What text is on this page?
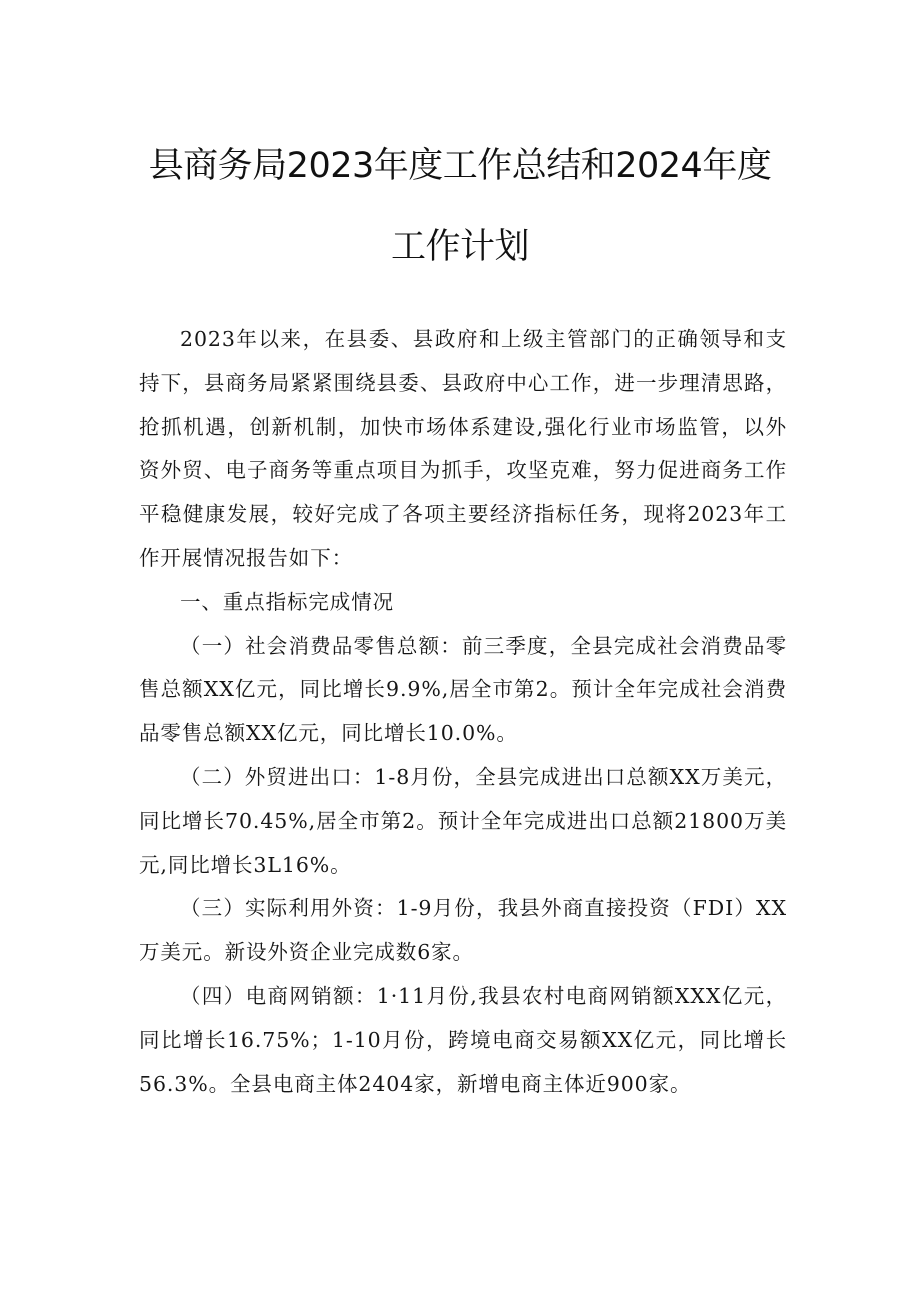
县商务局2023年度工作总结和2024年度
工作计划

2023年以来，在县委、县政府和上级主管部门的正确领导和支持下，县商务局紧紧围绕县委、县政府中心工作，进一步理清思路，抢抓机遇，创新机制，加快市场体系建设,强化行业市场监管，以外资外贸、电子商务等重点项目为抓手，攻坚克难，努力促进商务工作平稳健康发展，较好完成了各项主要经济指标任务，现将2023年工作开展情况报告如下：

一、重点指标完成情况

（一）社会消费品零售总额：前三季度，全县完成社会消费品零售总额XX亿元，同比增长9.9%,居全市第2。预计全年完成社会消费品零售总额XX亿元，同比增长10.0%。

（二）外贸进出口：1-8月份，全县完成进出口总额XX万美元，同比增长70.45%,居全市第2。预计全年完成进出口总额21800万美元,同比增长3L16%。

（三）实际利用外资：1-9月份，我县外商直接投资（FDI）XX万美元。新设外资企业完成数6家。

（四）电商网销额：1·11月份,我县农村电商网销额XXX亿元，同比增长16.75%；1-10月份，跨境电商交易额XX亿元，同比增长56.3%。全县电商主体2404家，新增电商主体近900家。
